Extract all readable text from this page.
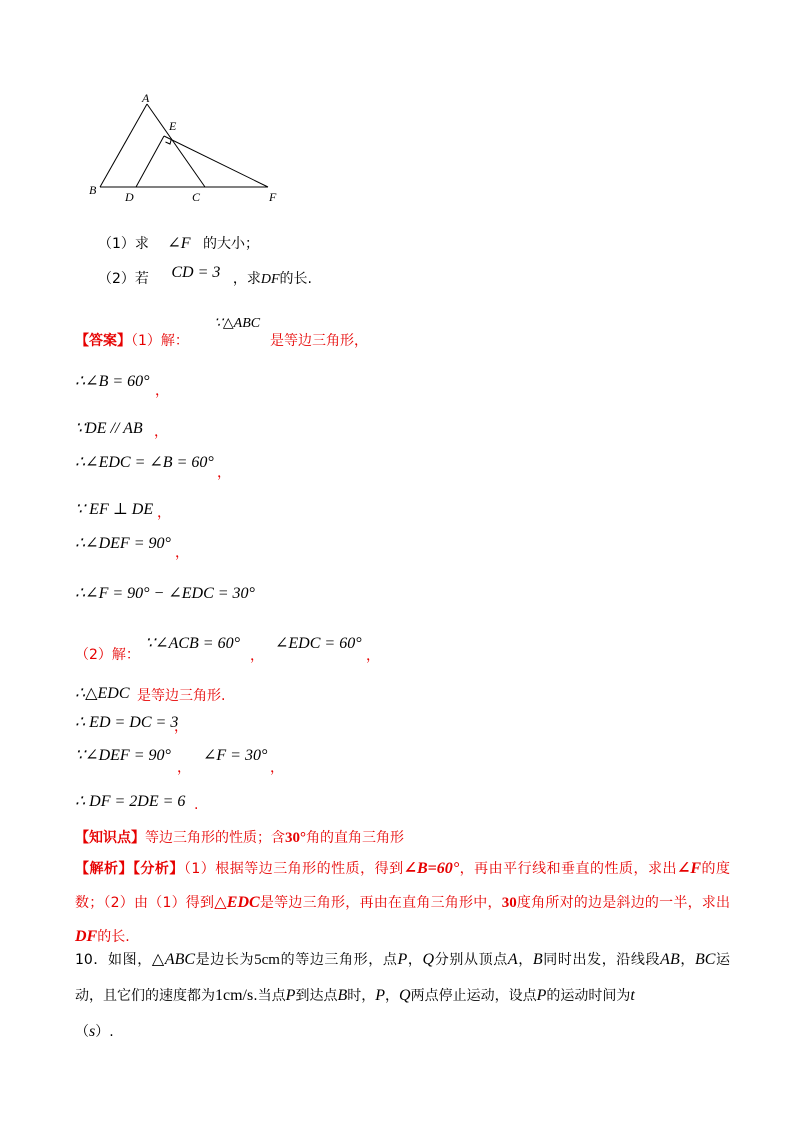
A
E
B D	C	F
（1）求 ∠F 的大小；
（2）若 CD = 3 ，求DF的长.
【答案】（1）解：
∵△ABC
是等边三角形，
∴∠B = 60°
，
∵DE // AB ，
∴∠EDC = ∠B = 60°
，
∵ EF ⊥ DE ，
∴∠DEF = 90°
，
∴∠F = 90° − ∠EDC = 30°
（2）解：
∵∠ACB = 60°
，
∠EDC = 60°
，
∴△EDC 是等边三角形.
∴ ED = DC = 3
，
∵∠DEF = 90°
，
∠F = 30°
，
∴ DF = 2DE = 6 .
【知识点】等边三角形的性质；含30°角的直角三角形
【解析】【分析】（1）根据等边三角形的性质，得到∠B=60°，再由平行线和垂直的性质，求出∠F的度数；（2）由（1）得到△EDC是等边三角形，再由在直角三角形中，30度角所对的边是斜边的一半，求出DF的长.
10．如图，△ABC是边长为5cm的等边三角形，点P，Q分别从顶点A，B同时出发，沿线段AB，BC运动，且它们的速度都为1cm/s.当点P到达点B时，P，Q两点停止运动，设点P的运动时间为t
（s）.
